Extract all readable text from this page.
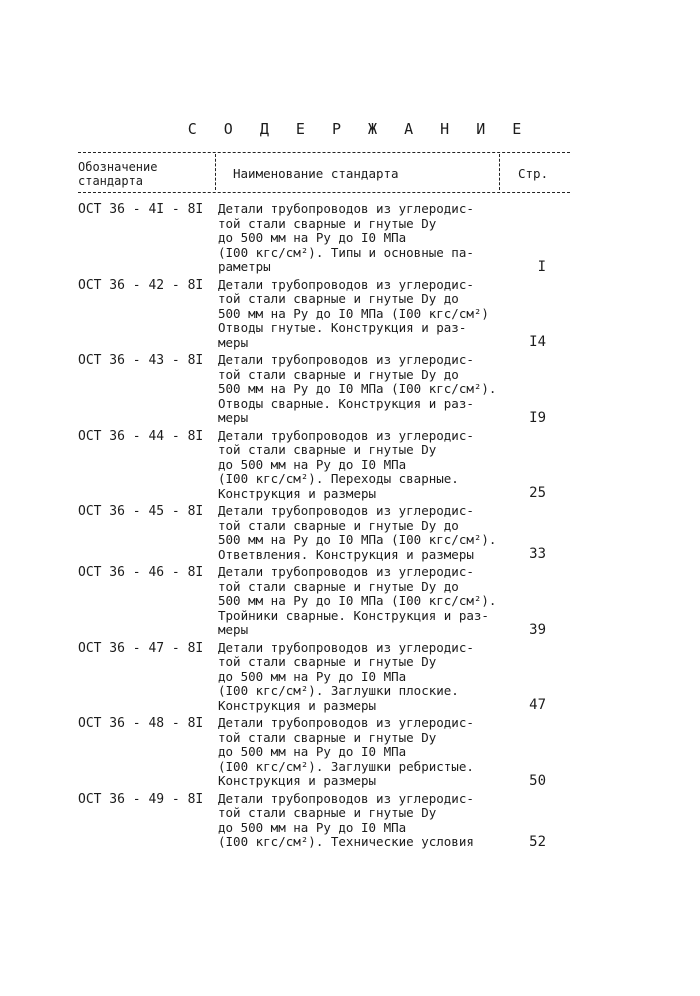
С О Д Е Р Ж А Н И Е
Обозначение стандарта	Наименование стандарта	Стр.
ОСТ 36 - 4I - 8I	Детали трубопроводов из углеродис-
той стали сварные и гнутые Dу
до 500 мм на Pу до I0 МПа
(I00 кгс/см²). Типы и основные па-
раметры	I
ОСТ 36 - 42 - 8I	Детали трубопроводов из углеродис-
той стали сварные и гнутые Dу до
500 мм на Pу до I0 МПа (I00 кгс/см²)
Отводы гнутые. Конструкция и раз-
меры	I4
ОСТ 36 - 43 - 8I	Детали трубопроводов из углеродис-
той стали сварные и гнутые Dу до
500 мм на Pу до I0 МПа (I00 кгс/см²).
Отводы сварные. Конструкция и раз-
меры	I9
ОСТ 36 - 44 - 8I	Детали трубопроводов из углеродис-
той стали сварные и гнутые Dу
до 500 мм на Pу до I0 МПа
(I00 кгс/см²). Переходы сварные.
Конструкция и размеры	25
ОСТ 36 - 45 - 8I	Детали трубопроводов из углеродис-
той стали сварные и гнутые Dу до
500 мм на Pу до I0 МПа (I00 кгс/см²).
Ответвления. Конструкция и размеры	33
ОСТ 36 - 46 - 8I	Детали трубопроводов из углеродис-
той стали сварные и гнутые Dу до
500 мм на Pу до I0 МПа (I00 кгс/см²).
Тройники сварные. Конструкция и раз-
меры	39
ОСТ 36 - 47 - 8I	Детали трубопроводов из углеродис-
той стали сварные и гнутые Dу
до 500 мм на Pу до I0 МПа
(I00 кгс/см²). Заглушки плоские.
Конструкция и размеры	47
ОСТ 36 - 48 - 8I	Детали трубопроводов из углеродис-
той стали сварные и гнутые Dу
до 500 мм на Pу до I0 МПа
(I00 кгс/см²). Заглушки ребристые.
Конструкция и размеры	50
ОСТ 36 - 49 - 8I	Детали трубопроводов из углеродис-
той стали сварные и гнутые Dу
до 500 мм на Pу до I0 МПа
(I00 кгс/см²). Технические условия	52
